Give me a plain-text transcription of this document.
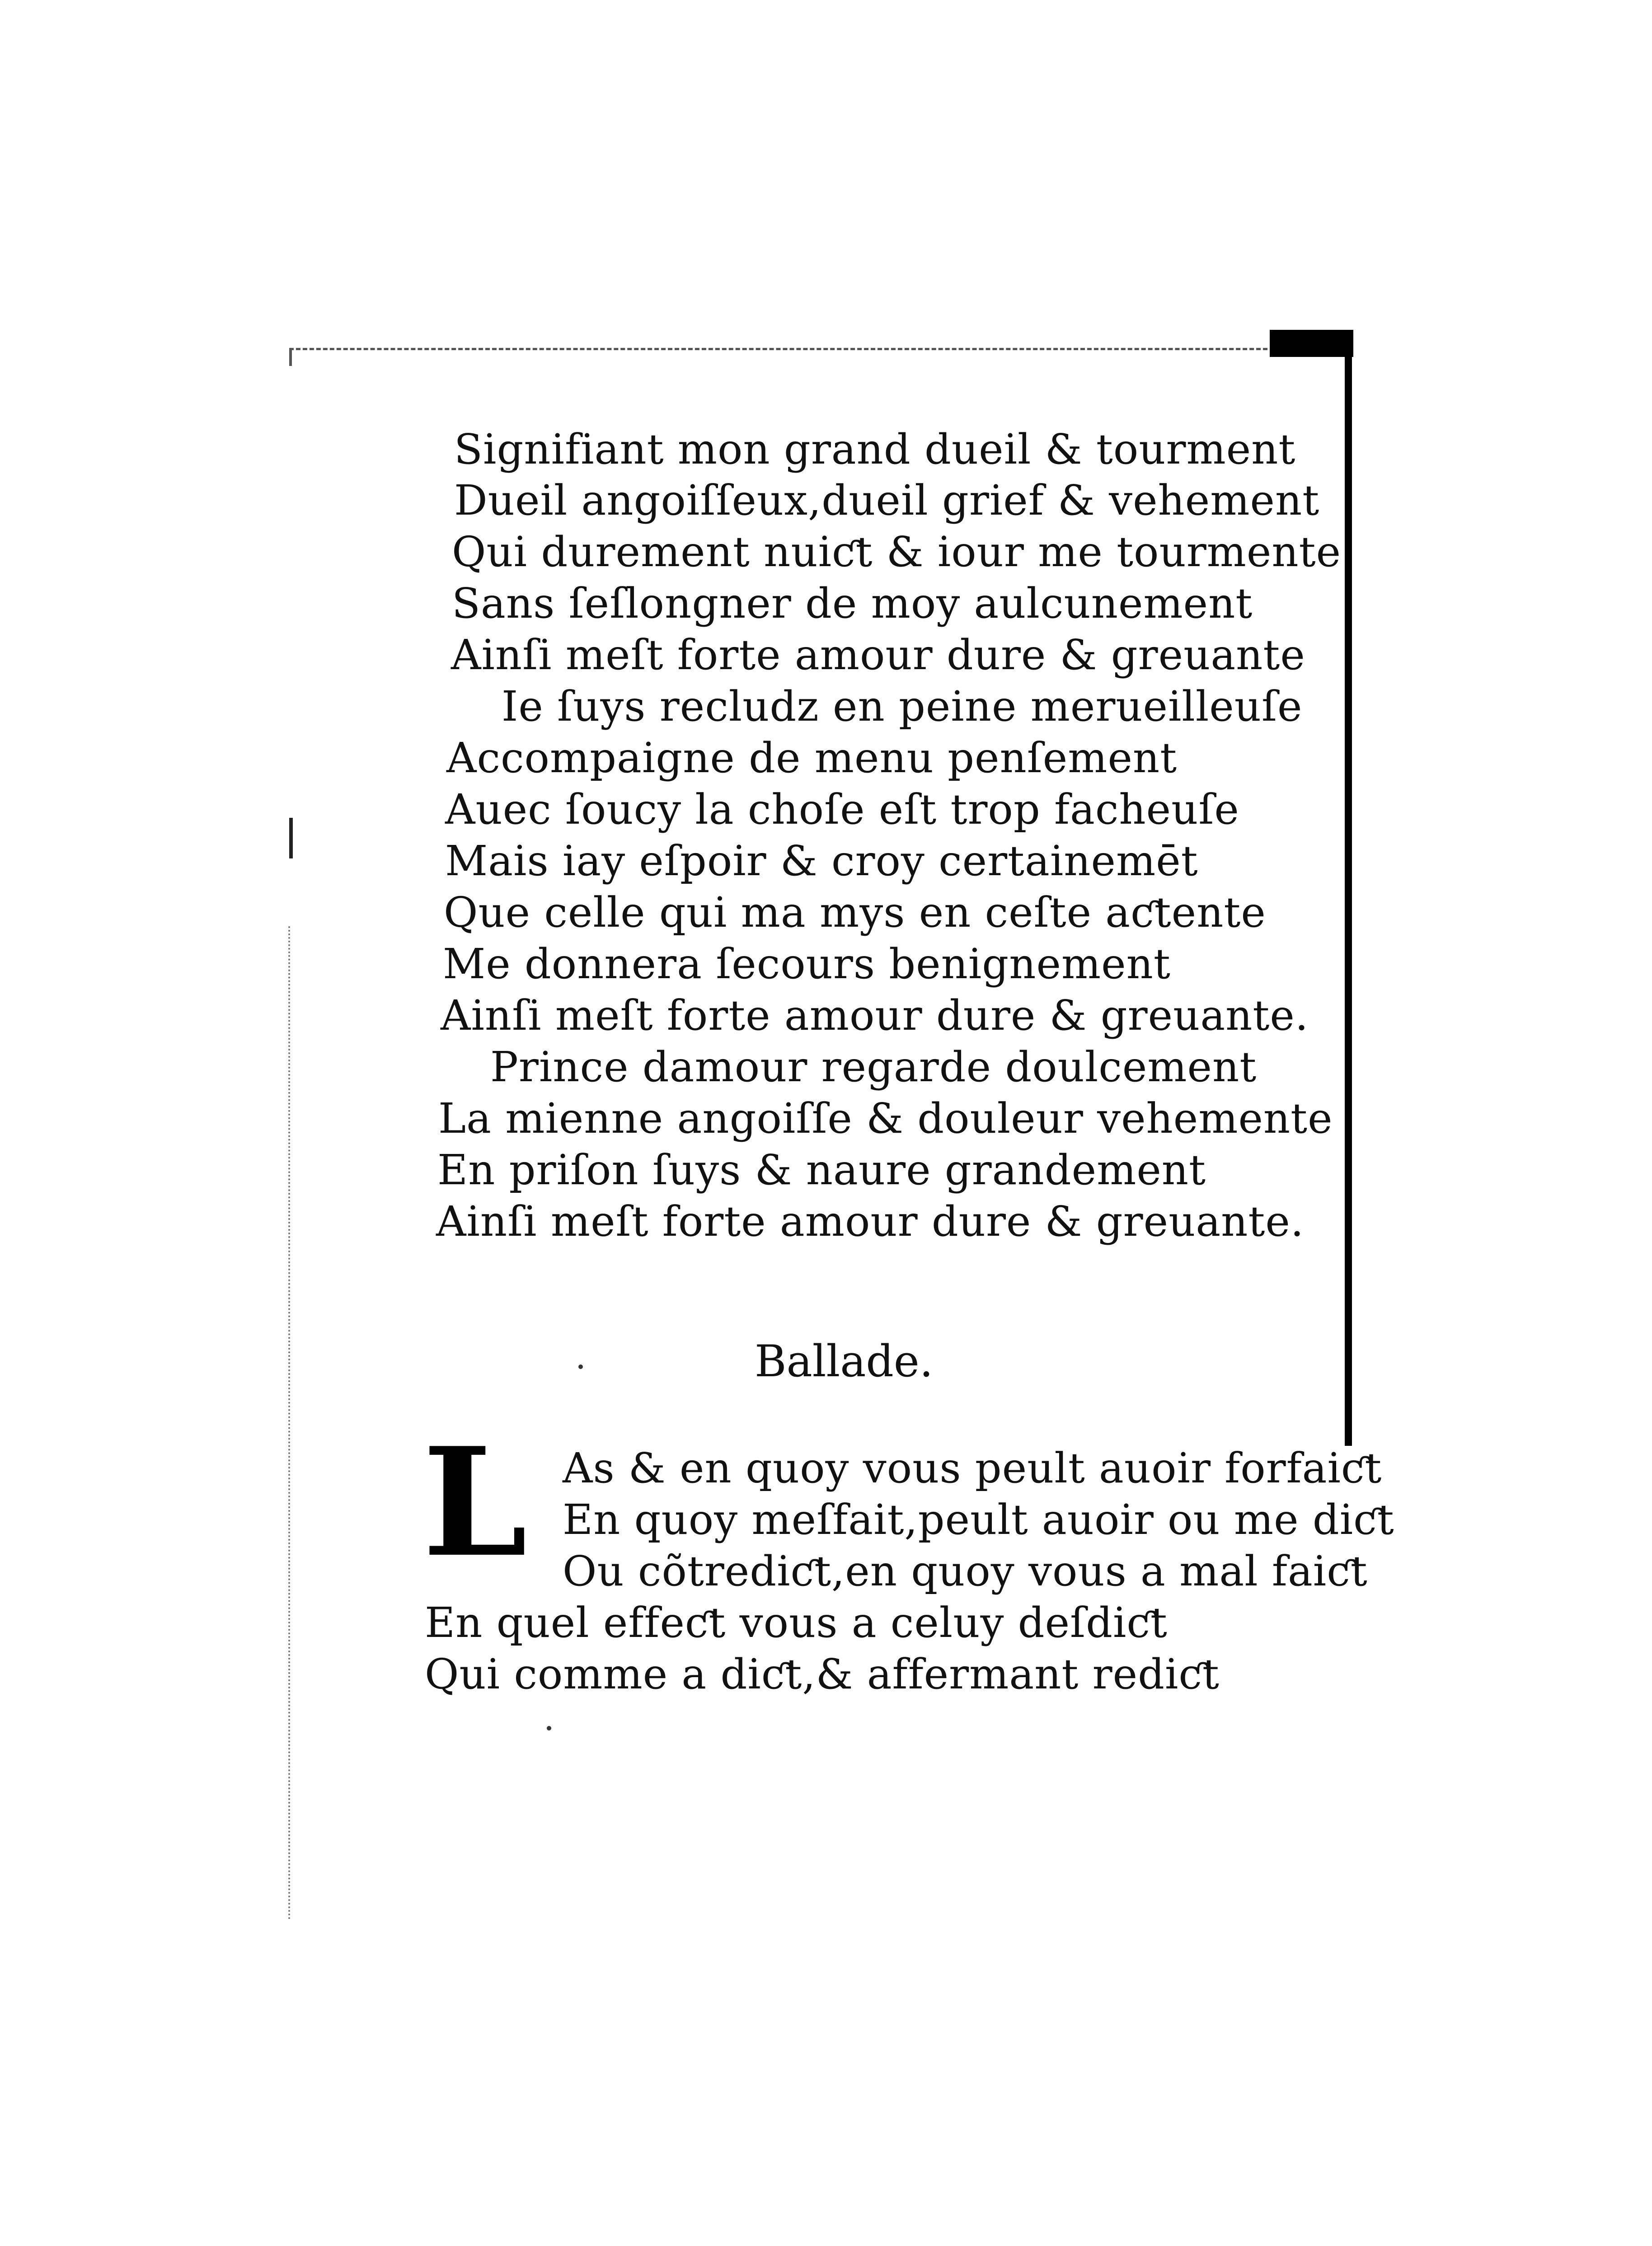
Signifiant mon grand dueil & tourment
Dueil angoiſſeux,dueil grief & vehement
Qui durement nuiƈt & iour me tourmente
Sans ſeſlongner de moy aulcunement
Ainſi meſt forte amour dure & greuante
Ie ſuys recludz en peine merueilleuſe
Accompaigne de menu penſement
Auec ſoucy la choſe eſt trop facheuſe
Mais iay eſpoir & croy certainemēt
Que celle qui ma mys en ceſte aƈtente
Me donnera ſecours benignement
Ainſi meſt forte amour dure & greuante.
Prince damour regarde doulcement
La mienne angoiſſe & douleur vehemente
En priſon ſuys & naure grandement
Ainſi meſt forte amour dure & greuante.
Ballade.
L As & en quoy vous peult auoir forfaiƈt
En quoy meſfait,peult auoir ou me diƈt
Ou cõtrediƈt,en quoy vous a mal faiƈt
En quel effeƈt vous a celuy deſdiƈt
Qui comme a diƈt,& affermant rediƈt
